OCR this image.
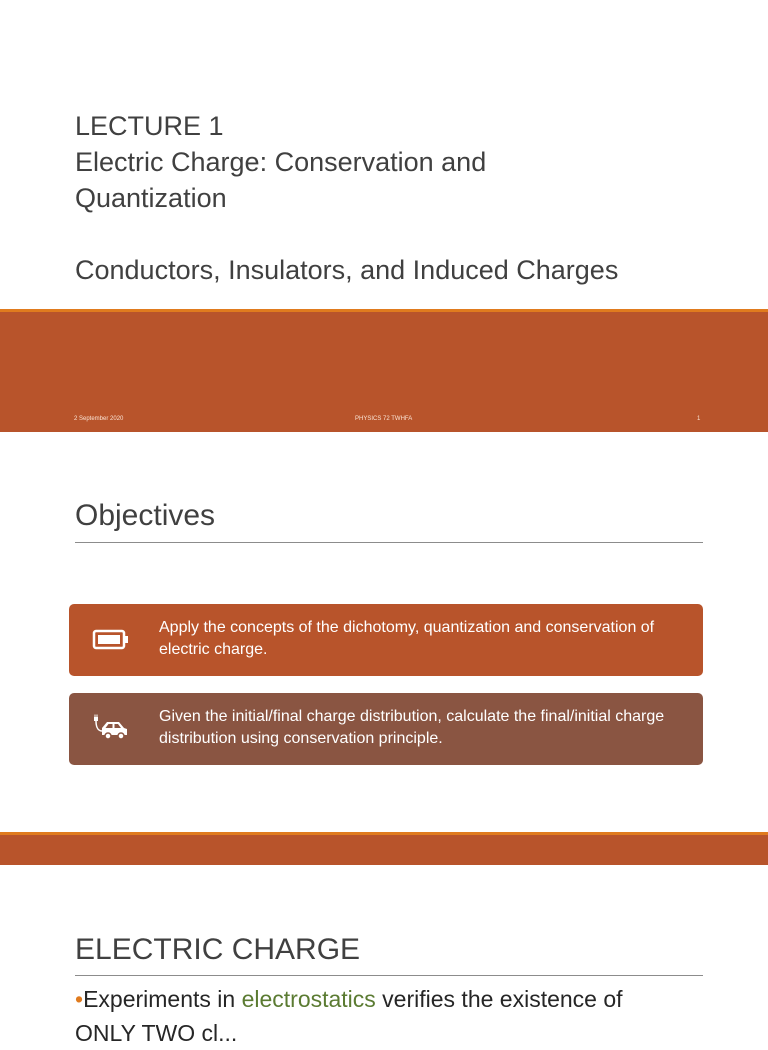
LECTURE 1
Electric Charge: Conservation and
Quantization
Conductors, Insulators, and Induced Charges
2 September 2020	PHYSICS 72 TWHFA	1
Objectives
Apply the concepts of the dichotomy, quantization and conservation of electric charge.
Given the initial/final charge distribution, calculate the final/initial charge distribution using conservation principle.
ELECTRIC CHARGE
•Experiments in electrostatics verifies the existence of
ONLY TWO cl...
